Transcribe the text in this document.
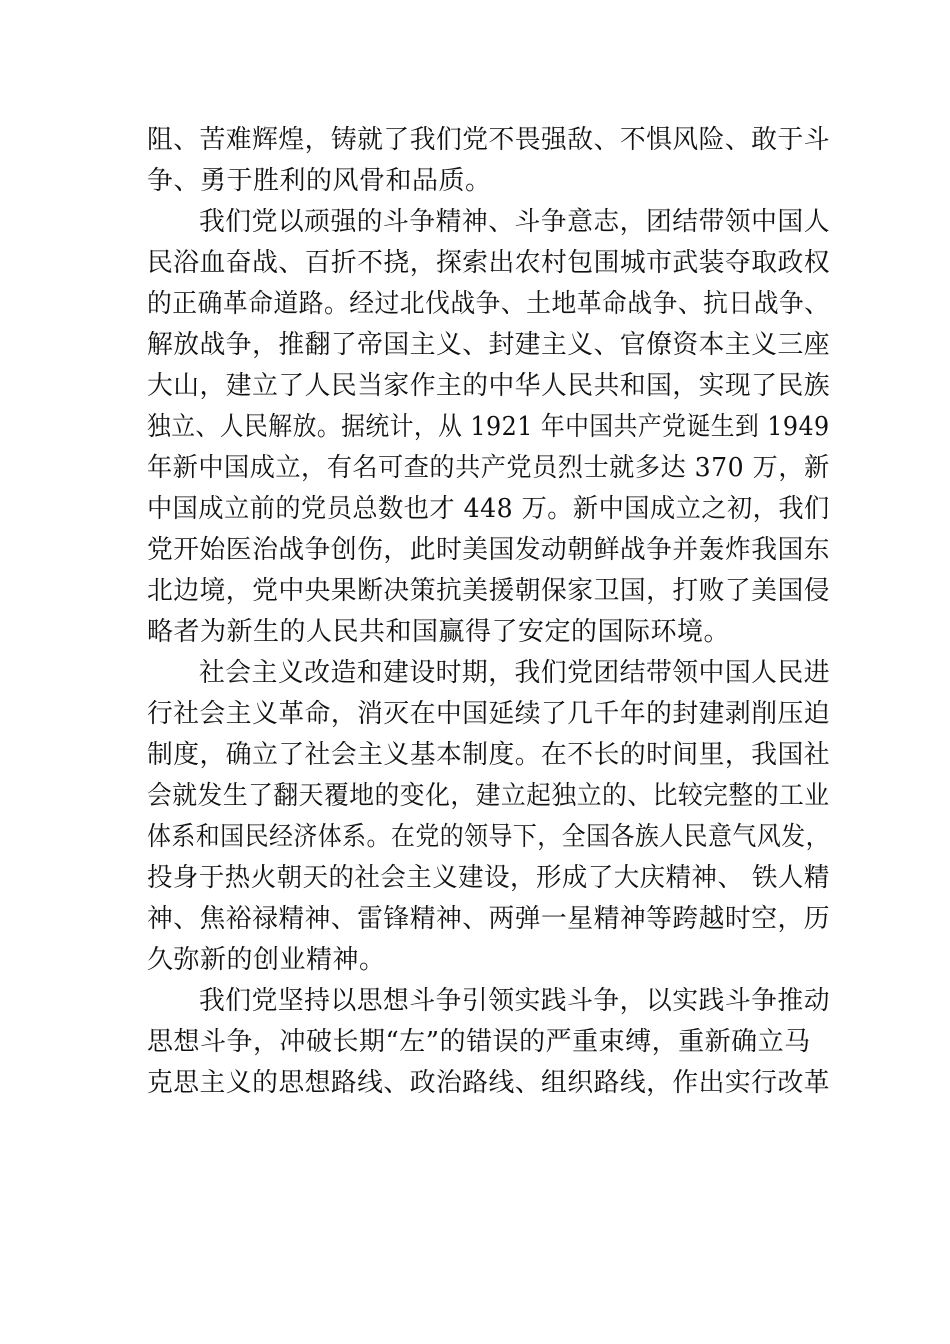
阻、苦难辉煌，铸就了我们党不畏强敌、不惧风险、敢于斗
争、勇于胜利的风骨和品质。
我们党以顽强的斗争精神、斗争意志，团结带领中国人
民浴血奋战、百折不挠，探索出农村包围城市武装夺取政权
的正确革命道路。经过北伐战争、土地革命战争、抗日战争、
解放战争，推翻了帝国主义、封建主义、官僚资本主义三座
大山，建立了人民当家作主的中华人民共和国，实现了民族
独立、人民解放。据统计，从 1921 年中国共产党诞生到 1949
年新中国成立，有名可查的共产党员烈士就多达 370 万，新
中国成立前的党员总数也才 448 万。新中国成立之初，我们
党开始医治战争创伤，此时美国发动朝鲜战争并轰炸我国东
北边境，党中央果断决策抗美援朝保家卫国，打败了美国侵
略者为新生的人民共和国赢得了安定的国际环境。
社会主义改造和建设时期，我们党团结带领中国人民进
行社会主义革命，消灭在中国延续了几千年的封建剥削压迫
制度，确立了社会主义基本制度。在不长的时间里，我国社
会就发生了翻天覆地的变化，建立起独立的、比较完整的工业
体系和国民经济体系。在党的领导下，全国各族人民意气风发，
投身于热火朝天的社会主义建设，形成了大庆精神、 铁人精
神、焦裕禄精神、雷锋精神、两弹一星精神等跨越时空，历
久弥新的创业精神。
我们党坚持以思想斗争引领实践斗争，以实践斗争推动
思想斗争，冲破长期“左”的错误的严重束缚，重新确立马
克思主义的思想路线、政治路线、组织路线，作出实行改革
